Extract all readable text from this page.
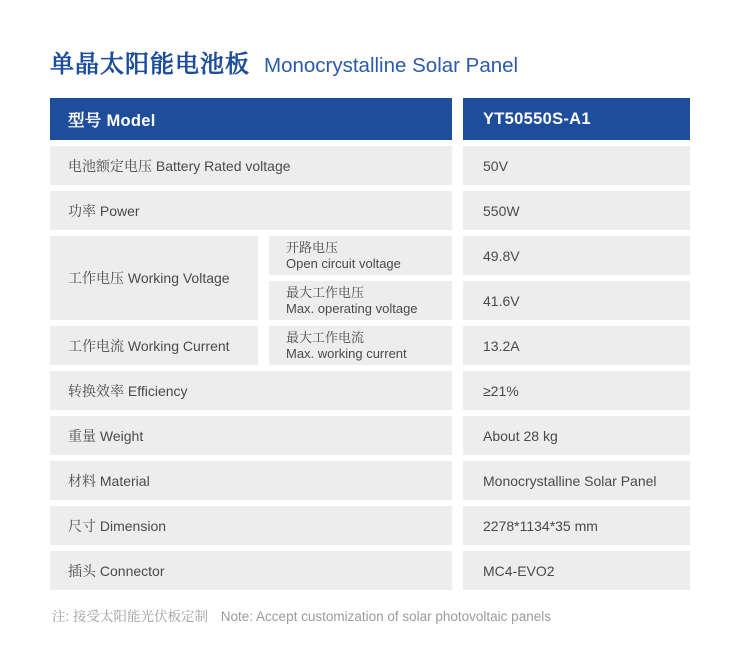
单晶太阳能电池板 Monocrystalline Solar Panel
型号 Model	YT50550S-A1
电池额定电压 Battery Rated voltage	50V
功率 Power	550W
工作电压 Working Voltage
开路电压
Open circuit voltage	49.8V
最大工作电压
Max. operating voltage	41.6V
工作电流 Working Current
最大工作电流
Max. working current	13.2A
转换效率 Efficiency	≥21%
重量 Weight	About 28 kg
材料 Material	Monocrystalline Solar Panel
尺寸 Dimension	2278*1134*35 mm
插头 Connector	MC4-EVO2
注: 接受太阳能光伏板定制 Note: Accept customization of solar photovoltaic panels
